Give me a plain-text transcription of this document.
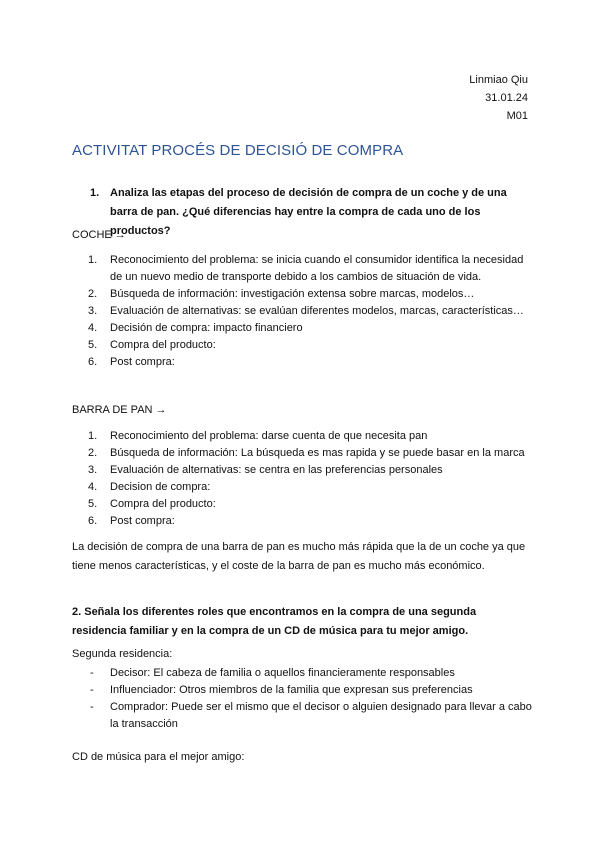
Linmiao Qiu
31.01.24
M01
ACTIVITAT PROCÉS DE DECISIÓ DE COMPRA
1. Analiza las etapas del proceso de decisión de compra de un coche y de una barra de pan. ¿Qué diferencias hay entre la compra de cada uno de los productos?
COCHE →
1. Reconocimiento del problema: se inicia cuando el consumidor identifica la necesidad de un nuevo medio de transporte debido a los cambios de situación de vida.
2. Búsqueda de información: investigación extensa sobre marcas, modelos…
3. Evaluación de alternativas: se evalúan diferentes modelos, marcas, características…
4. Decisión de compra: impacto financiero
5. Compra del producto:
6. Post compra:
BARRA DE PAN →
1. Reconocimiento del problema: darse cuenta de que necesita pan
2. Búsqueda de información: La búsqueda es mas rapida y se puede basar en la marca
3. Evaluación de alternativas: se centra en las preferencias personales
4. Decision de compra:
5. Compra del producto:
6. Post compra:
La decisión de compra de una barra de pan es mucho más rápida que la de un coche ya que tiene menos características, y el coste de la barra de pan es mucho más económico.
2. Señala los diferentes roles que encontramos en la compra de una segunda residencia familiar y en la compra de un CD de música para tu mejor amigo.
Segunda residencia:
- Decisor: El cabeza de familia o aquellos financieramente responsables
- Influenciador: Otros miembros de la familia que expresan sus preferencias
- Comprador: Puede ser el mismo que el decisor o alguien designado para llevar a cabo la transacción
CD de música para el mejor amigo:
